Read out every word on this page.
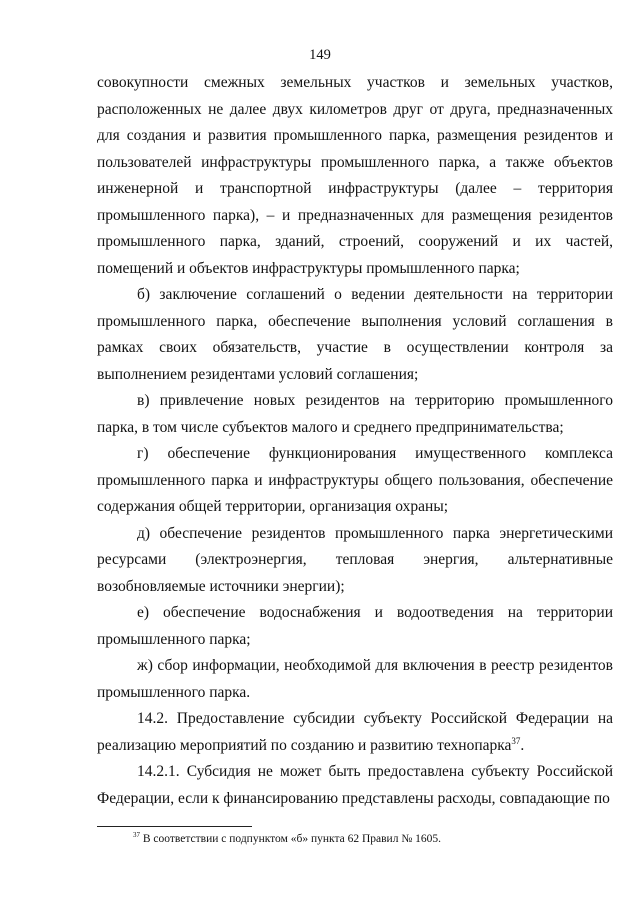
149

совокупности смежных земельных участков и земельных участков, расположенных не далее двух километров друг от друга, предназначенных для создания и развития промышленного парка, размещения резидентов и пользователей инфраструктуры промышленного парка, а также объектов инженерной и транспортной инфраструктуры (далее – территория промышленного парка), – и предназначенных для размещения резидентов промышленного парка, зданий, строений, сооружений и их частей, помещений и объектов инфраструктуры промышленного парка;

б) заключение соглашений о ведении деятельности на территории промышленного парка, обеспечение выполнения условий соглашения в рамках своих обязательств, участие в осуществлении контроля за выполнением резидентами условий соглашения;

в) привлечение новых резидентов на территорию промышленного парка, в том числе субъектов малого и среднего предпринимательства;

г) обеспечение функционирования имущественного комплекса промышленного парка и инфраструктуры общего пользования, обеспечение содержания общей территории, организация охраны;

д) обеспечение резидентов промышленного парка энергетическими ресурсами (электроэнергия, тепловая энергия, альтернативные возобновляемые источники энергии);

е) обеспечение водоснабжения и водоотведения на территории промышленного парка;

ж) сбор информации, необходимой для включения в реестр резидентов промышленного парка.

14.2. Предоставление субсидии субъекту Российской Федерации на реализацию мероприятий по созданию и развитию технопарка$^{37}$.

14.2.1. Субсидия не может быть предоставлена субъекту Российской Федерации, если к финансированию представлены расходы, совпадающие по

$^{37}$ В соответствии с подпунктом «б» пункта 62 Правил № 1605.
